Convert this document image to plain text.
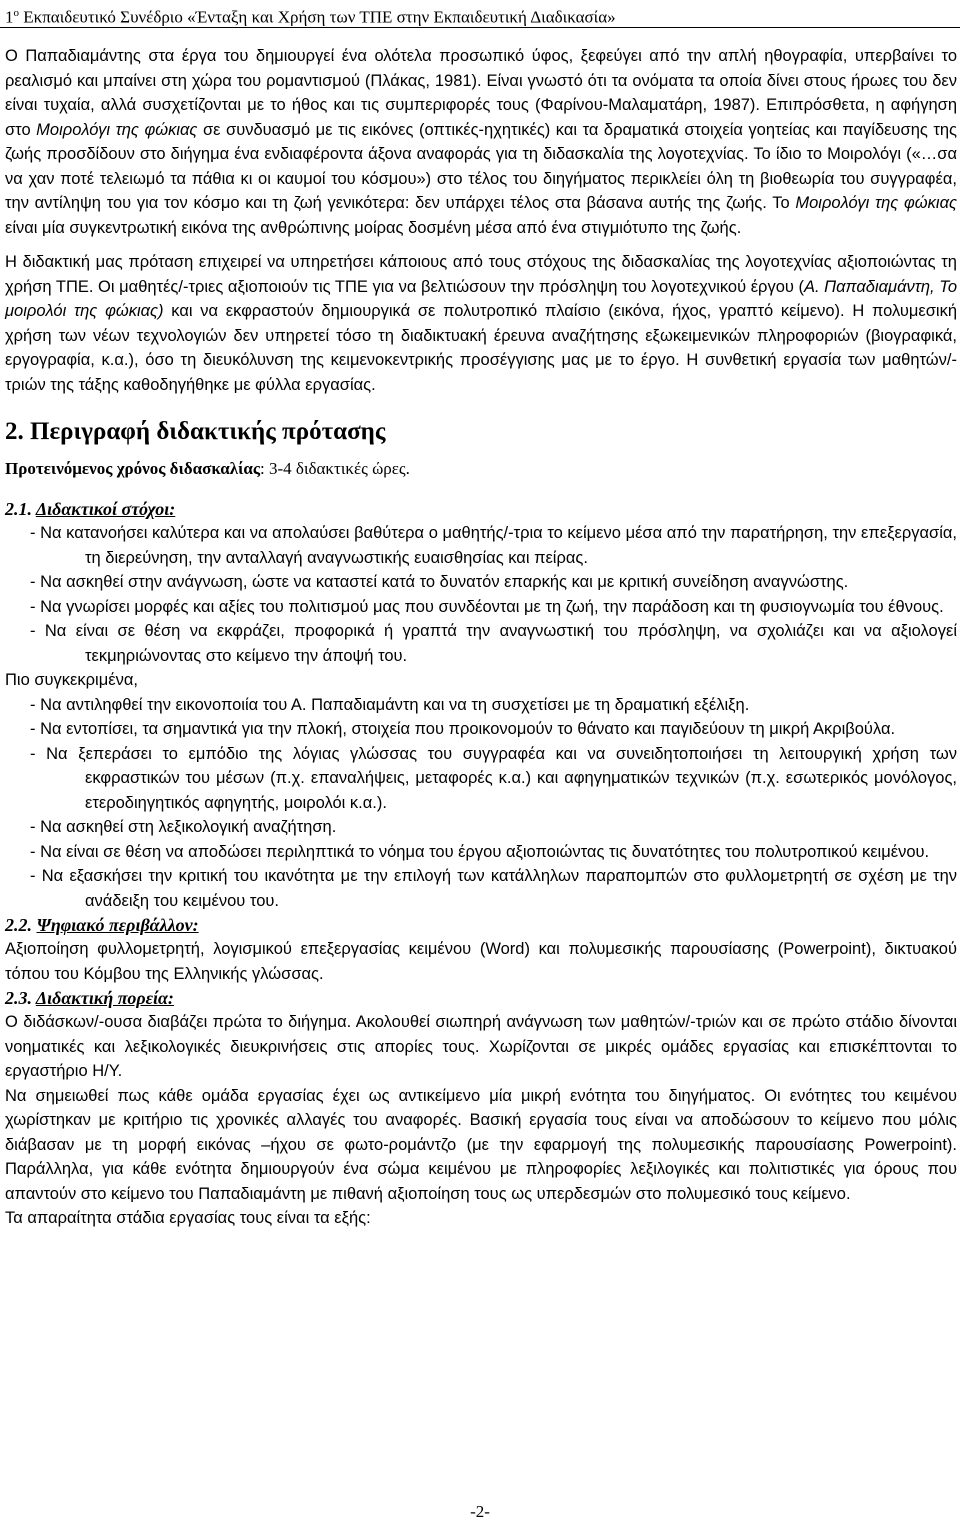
$1^o$ Εκπαιδευτικό Συνέδριο «Ένταξη και Χρήση των ΤΠΕ στην Εκπαιδευτική Διαδικασία»

Ο Παπαδιαμάντης στα έργα του δημιουργεί ένα ολότελα προσωπικό ύφος, ξεφεύγει από την απλή ηθογραφία, υπερβαίνει το ρεαλισμό και μπαίνει στη χώρα του ρομαντισμού (Πλάκας, 1981). Είναι γνωστό ότι τα ονόματα τα οποία δίνει στους ήρωες του δεν είναι τυχαία, αλλά συσχετίζονται με το ήθος και τις συμπεριφορές τους (Φαρίνου-Μαλαματάρη, 1987). Επιπρόσθετα, η αφήγηση στο Μοιρολόγι της φώκιας σε συνδυασμό με τις εικόνες (οπτικές-ηχητικές) και τα δραματικά στοιχεία γοητείας και παγίδευσης της ζωής προσδίδουν στο διήγημα ένα ενδιαφέροντα άξονα αναφοράς για τη διδασκαλία της λογοτεχνίας. Το ίδιο το Μοιρολόγι («…σα να χαν ποτέ τελειωμό τα πάθια κι οι καυμοί του κόσμου») στο τέλος του διηγήματος περικλείει όλη τη βιοθεωρία του συγγραφέα, την αντίληψη του για τον κόσμο και τη ζωή γενικότερα: δεν υπάρχει τέλος στα βάσανα αυτής της ζωής. Το Μοιρολόγι της φώκιας είναι μία συγκεντρωτική εικόνα της ανθρώπινης μοίρας δοσμένη μέσα από ένα στιγμιότυπο της ζωής.

Η διδακτική μας πρόταση επιχειρεί να υπηρετήσει κάποιους από τους στόχους της διδασκαλίας της λογοτεχνίας αξιοποιώντας τη χρήση ΤΠΕ. Οι μαθητές/-τριες αξιοποιούν τις ΤΠΕ για να βελτιώσουν την πρόσληψη του λογοτεχνικού έργου (Α. Παπαδιαμάντη, Το μοιρολόι της φώκιας) και να εκφραστούν δημιουργικά σε πολυτροπικό πλαίσιο (εικόνα, ήχος, γραπτό κείμενο). Η πολυμεσική χρήση των νέων τεχνολογιών δεν υπηρετεί τόσο τη διαδικτυακή έρευνα αναζήτησης εξωκειμενικών πληροφοριών (βιογραφικά, εργογραφία, κ.α.), όσο τη διευκόλυνση της κειμενοκεντρικής προσέγγισης μας με το έργο. Η συνθετική εργασία των μαθητών/-τριών της τάξης καθοδηγήθηκε με φύλλα εργασίας.

2. Περιγραφή διδακτικής πρότασης

Προτεινόμενος χρόνος διδασκαλίας: 3-4 διδακτικές ώρες.

2.1. Διδακτικοί στόχοι:
- Να κατανοήσει καλύτερα και να απολαύσει βαθύτερα ο μαθητής/-τρια το κείμενο μέσα από την παρατήρηση, την επεξεργασία, τη διερεύνηση, την ανταλλαγή αναγνωστικής ευαισθησίας και πείρας.
- Να ασκηθεί στην ανάγνωση, ώστε να καταστεί κατά το δυνατόν επαρκής και με κριτική συνείδηση αναγνώστης.
- Να γνωρίσει μορφές και αξίες του πολιτισμού μας που συνδέονται με τη ζωή, την παράδοση και τη φυσιογνωμία του έθνους.
- Να είναι σε θέση να εκφράζει, προφορικά ή γραπτά την αναγνωστική του πρόσληψη, να σχολιάζει και να αξιολογεί τεκμηριώνοντας στο κείμενο την άποψή του.

Πιο συγκεκριμένα,

- Να αντιληφθεί την εικονοποιία του Α. Παπαδιαμάντη και να τη συσχετίσει με τη δραματική εξέλιξη.
- Να εντοπίσει, τα σημαντικά για την πλοκή, στοιχεία που προικονομούν το θάνατο και παγιδεύουν τη μικρή Ακριβούλα.
- Να ξεπεράσει το εμπόδιο της λόγιας γλώσσας του συγγραφέα και να συνειδητοποιήσει τη λειτουργική χρήση των εκφραστικών του μέσων (π.χ. επαναλήψεις, μεταφορές κ.α.) και αφηγηματικών τεχνικών (π.χ. εσωτερικός μονόλογος, ετεροδιηγητικός αφηγητής, μοιρολόι κ.α.).
- Να ασκηθεί στη λεξικολογική αναζήτηση.
- Να είναι σε θέση να αποδώσει περιληπτικά το νόημα του έργου αξιοποιώντας τις δυνατότητες του πολυτροπικού κειμένου.
- Να εξασκήσει την κριτική του ικανότητα με την επιλογή των κατάλληλων παραπομπών στο φυλλομετρητή σε σχέση με την ανάδειξη του κειμένου του.
2.2. Ψηφιακό περιβάλλον:

Αξιοποίηση φυλλομετρητή, λογισμικού επεξεργασίας κειμένου (Word) και πολυμεσικής παρουσίασης (Powerpoint), δικτυακού τόπου του Κόμβου της Ελληνικής γλώσσας.

2.3. Διδακτική πορεία:

Ο διδάσκων/-ουσα διαβάζει πρώτα το διήγημα. Ακολουθεί σιωπηρή ανάγνωση των μαθητών/-τριών και σε πρώτο στάδιο δίνονται νοηματικές και λεξικολογικές διευκρινήσεις στις απορίες τους. Χωρίζονται σε μικρές ομάδες εργασίας και επισκέπτονται το εργαστήριο Η/Υ.

Να σημειωθεί πως κάθε ομάδα εργασίας έχει ως αντικείμενο μία μικρή ενότητα του διηγήματος. Οι ενότητες του κειμένου χωρίστηκαν με κριτήριο τις χρονικές αλλαγές του αναφορές. Βασική εργασία τους είναι να αποδώσουν το κείμενο που μόλις διάβασαν με τη μορφή εικόνας –ήχου σε φωτο-ρομάντζο (με την εφαρμογή της πολυμεσικής παρουσίασης Powerpoint). Παράλληλα, για κάθε ενότητα δημιουργούν ένα σώμα κειμένου με πληροφορίες λεξιλογικές και πολιτιστικές για όρους που απαντούν στο κείμενο του Παπαδιαμάντη με πιθανή αξιοποίηση τους ως υπερδεσμών στο πολυμεσικό τους κείμενο.

Τα απαραίτητα στάδια εργασίας τους είναι τα εξής:

-2-
